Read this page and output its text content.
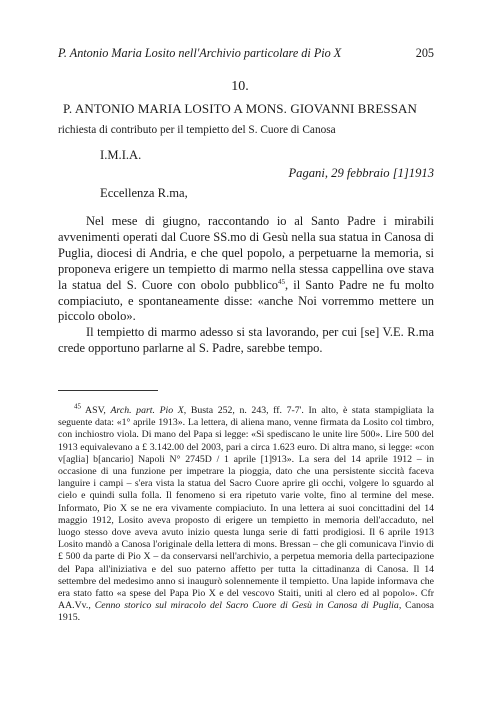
P. Antonio Maria Losito nell'Archivio particolare di Pio X	205
10.
P. ANTONIO MARIA LOSITO A MONS. GIOVANNI BRESSAN
richiesta di contributo per il tempietto del S. Cuore di Canosa
I.M.I.A.
Pagani, 29 febbraio [1]1913
Eccellenza R.ma,

Nel mese di giugno, raccontando io al Santo Padre i mirabili avvenimenti operati dal Cuore SS.mo di Gesù nella sua statua in Canosa di Puglia, diocesi di Andria, e che quel popolo, a perpetuarne la memoria, si proponeva erigere un tempietto di marmo nella stessa cappellina ove stava la statua del S. Cuore con obolo pubblico$^{45}$, il Santo Padre ne fu molto compiaciuto, e spontaneamente disse: «anche Noi vorremmo mettere un piccolo obolo».

Il tempietto di marmo adesso si sta lavorando, per cui [se] V.E. R.ma crede opportuno parlarne al S. Padre, sarebbe tempo.

$^{45}$ ASV, Arch. part. Pio X, Busta 252, n. 243, ff. 7-7'. In alto, è stata stampigliata la seguente data: «1° aprile 1913». La lettera, di aliena mano, venne firmata da Losito col timbro, con inchiostro viola. Di mano del Papa si legge: «Si spediscano le unite lire 500». Lire 500 del 1913 equivalevano a £ 3.142.00 del 2003, pari a circa 1.623 euro. Di altra mano, si legge: «con v[aglia] b[ancario] Napoli N° 2745D / 1 aprile [1]913». La sera del 14 aprile 1912 – in occasione di una funzione per impetrare la pioggia, dato che una persistente siccità faceva languire i campi – s'era vista la statua del Sacro Cuore aprire gli occhi, volgere lo sguardo al cielo e quindi sulla folla. Il fenomeno si era ripetuto varie volte, fino al termine del mese. Informato, Pio X se ne era vivamente compiaciuto. In una lettera ai suoi concittadini del 14 maggio 1912, Losito aveva proposto di erigere un tempietto in memoria dell'accaduto, nel luogo stesso dove aveva avuto inizio questa lunga serie di fatti prodigiosi. Il 6 aprile 1913 Losito mandò a Canosa l'originale della lettera di mons. Bressan – che gli comunicava l'invio di £ 500 da parte di Pio X – da conservarsi nell'archivio, a perpetua memoria della partecipazione del Papa all'iniziativa e del suo paterno affetto per tutta la cittadinanza di Canosa. Il 14 settembre del medesimo anno si inaugurò solennemente il tempietto. Una lapide informava che era stato fatto «a spese del Papa Pio X e del vescovo Staiti, uniti al clero ed al popolo». Cfr AA.Vv., Cenno storico sul miracolo del Sacro Cuore di Gesù in Canosa di Puglia, Canosa 1915.
